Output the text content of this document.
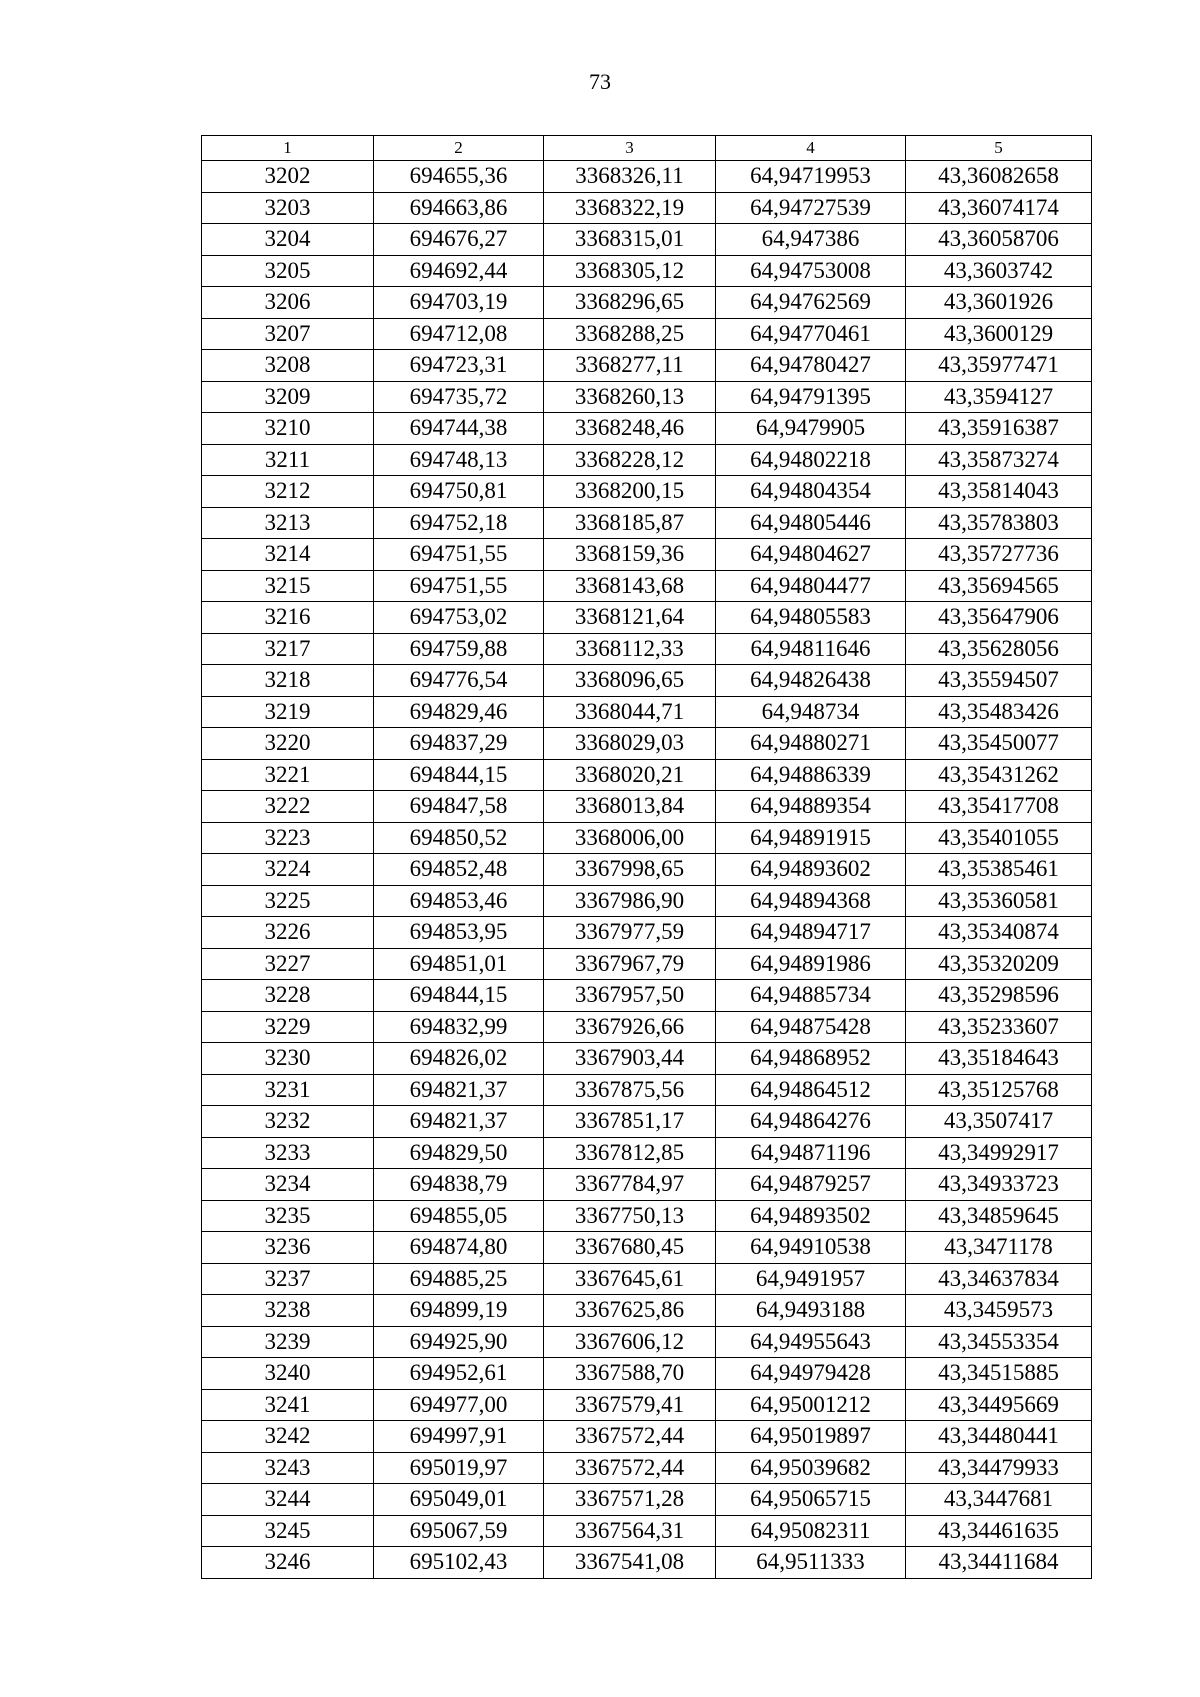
73
1	2	3	4	5
3202	694655,36	3368326,11	64,94719953	43,36082658
3203	694663,86	3368322,19	64,94727539	43,36074174
3204	694676,27	3368315,01	64,947386	43,36058706
3205	694692,44	3368305,12	64,94753008	43,3603742
3206	694703,19	3368296,65	64,94762569	43,3601926
3207	694712,08	3368288,25	64,94770461	43,3600129
3208	694723,31	3368277,11	64,94780427	43,35977471
3209	694735,72	3368260,13	64,94791395	43,3594127
3210	694744,38	3368248,46	64,9479905	43,35916387
3211	694748,13	3368228,12	64,94802218	43,35873274
3212	694750,81	3368200,15	64,94804354	43,35814043
3213	694752,18	3368185,87	64,94805446	43,35783803
3214	694751,55	3368159,36	64,94804627	43,35727736
3215	694751,55	3368143,68	64,94804477	43,35694565
3216	694753,02	3368121,64	64,94805583	43,35647906
3217	694759,88	3368112,33	64,94811646	43,35628056
3218	694776,54	3368096,65	64,94826438	43,35594507
3219	694829,46	3368044,71	64,948734	43,35483426
3220	694837,29	3368029,03	64,94880271	43,35450077
3221	694844,15	3368020,21	64,94886339	43,35431262
3222	694847,58	3368013,84	64,94889354	43,35417708
3223	694850,52	3368006,00	64,94891915	43,35401055
3224	694852,48	3367998,65	64,94893602	43,35385461
3225	694853,46	3367986,90	64,94894368	43,35360581
3226	694853,95	3367977,59	64,94894717	43,35340874
3227	694851,01	3367967,79	64,94891986	43,35320209
3228	694844,15	3367957,50	64,94885734	43,35298596
3229	694832,99	3367926,66	64,94875428	43,35233607
3230	694826,02	3367903,44	64,94868952	43,35184643
3231	694821,37	3367875,56	64,94864512	43,35125768
3232	694821,37	3367851,17	64,94864276	43,3507417
3233	694829,50	3367812,85	64,94871196	43,34992917
3234	694838,79	3367784,97	64,94879257	43,34933723
3235	694855,05	3367750,13	64,94893502	43,34859645
3236	694874,80	3367680,45	64,94910538	43,3471178
3237	694885,25	3367645,61	64,9491957	43,34637834
3238	694899,19	3367625,86	64,9493188	43,3459573
3239	694925,90	3367606,12	64,94955643	43,34553354
3240	694952,61	3367588,70	64,94979428	43,34515885
3241	694977,00	3367579,41	64,95001212	43,34495669
3242	694997,91	3367572,44	64,95019897	43,34480441
3243	695019,97	3367572,44	64,95039682	43,34479933
3244	695049,01	3367571,28	64,95065715	43,3447681
3245	695067,59	3367564,31	64,95082311	43,34461635
3246	695102,43	3367541,08	64,9511333	43,34411684
